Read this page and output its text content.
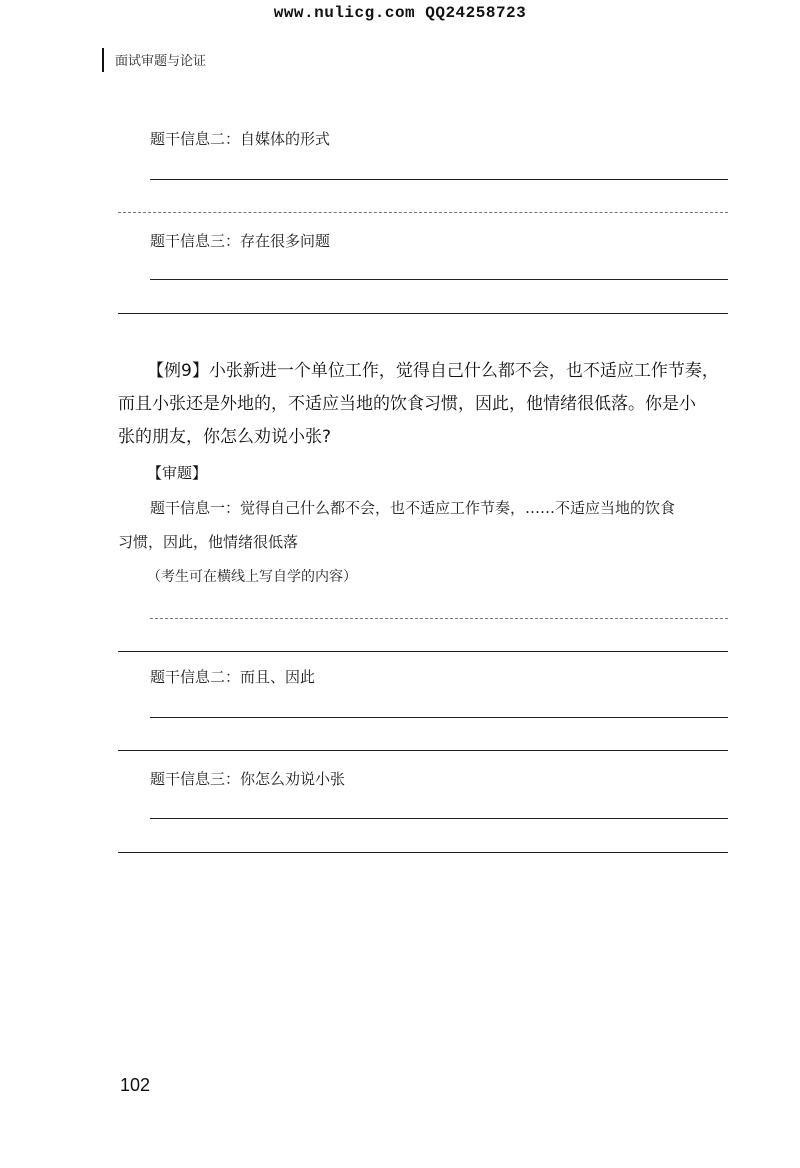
www.nulicg.com QQ24258723
面试审题与论证
题干信息二：自媒体的形式
题干信息三：存在很多问题
【例9】小张新进一个单位工作，觉得自己什么都不会，也不适应工作节奏，
而且小张还是外地的，不适应当地的饮食习惯，因此，他情绪很低落。你是小
张的朋友，你怎么劝说小张?
【审题】
题干信息一：觉得自己什么都不会，也不适应工作节奏，……不适应当地的饮食
习惯，因此，他情绪很低落
（考生可在横线上写自学的内容）
题干信息二：而且、因此
题干信息三：你怎么劝说小张
102
